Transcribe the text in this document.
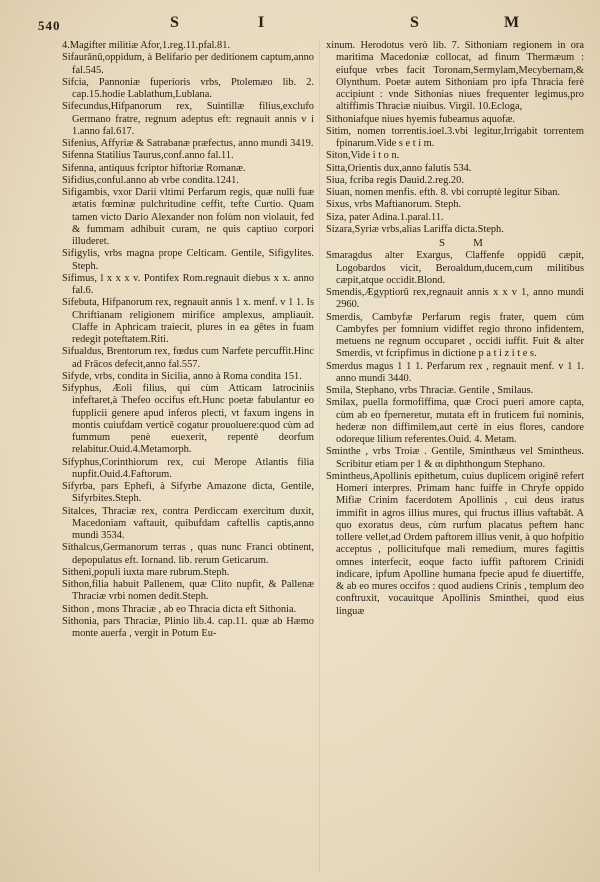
540	S	I	S	M

4.Magifter militiæ Afor,1.reg.11.pfal.81.

Sifaurānū,oppidum, à Belifario per deditionem captum,anno fal.545.

Sifcia, Pannoniæ fuperioris vrbs, Ptolemæo lib. 2. cap.15.hodie Lablathum,Lublana.

Sifecundus,Hifpanorum rex, Suintillæ filius,exclufo Germano fratre, regnum adeptus eft: regnauit annis v i 1.anno fal.617.

Sifenius, Affyriæ & Satrabanæ præfectus, anno mundi 3419.

Sifenna Statilius Taurus,conf.anno fal.11.

Sifenna, antiquus fcriptor hiftoriæ Romanæ.

Sifidius,conful.anno ab vrbe condita.1241.

Sifigambis, vxor Darii vltimi Perfarum regis, quæ nulli fuæ ætatis fœminæ pulchritudine ceffit, tefte Curtio. Quam tamen victo Dario Alexander non folùm non violauit, fed & fummam adhibuit curam, ne quis captiuo corpori illuderet.

Sifigylis, vrbs magna prope Celticam. Gentile, Sifigylites. Steph.

Sifimus, l x x x v. Pontifex Rom.regnauit diebus x x. anno fal.6.

Sifebuta, Hifpanorum rex, regnauit annis 1 x. menf. v 1 1. Is Chriftianam religionem mirifice amplexus, ampliauit. Claffe in Aphricam traiecit, plures in ea gētes in fuam redegit poteftatem.Riti.

Sifualdus, Brentorum rex, fœdus cum Narfete percuffit.Hinc ad Frācos defecit,anno fal.557.

Sifyde, vrbs, condita in Sicilia, anno à Roma condita 151.

Sifyphus, Æoli filius, qui cùm Atticam latrociniis infeftaret,à Thefeo occifus eft.Hunc poetæ fabulantur eo fupplicii genere apud inferos plecti, vt faxum ingens in montis cuiufdam verticē cogatur prouoluere:quod cùm ad fummum penè euexerit, repentè deorfum relabitur.Ouid.4.Metamorph.

Sifyphus,Corinthiorum rex, cui Merope Atlantis filia nupfit.Ouid.4.Faftorum.

Sifyrba, pars Ephefi, à Sifyrbe Amazone dicta, Gentile, Sifyrbites.Steph.

Sitalces, Thraciæ rex, contra Perdiccam exercitum duxit, Macedoniam vaftauit, quibufdam caftellis captis,anno mundi 3534.

Sithalcus,Germanorum terras , quas nunc Franci obtinent, depopulatus eft. Iornand. lib. rerum Geticarum.

Sitheni,populi iuxta mare rubrum.Steph.

Sithon,filia habuit Pallenem, quæ Clito nupfit, & Pallenæ Thraciæ vrbi nomen dedit.Steph.

Sithon , mons Thraciæ , ab eo Thracia dicta eft Sithonia.

Sithonia, pars Thraciæ, Plinio lib.4. cap.11. quæ ab Hæmo monte auerfa , vergit in Potum Eu-

xinum. Herodotus verò lib. 7. Sithoniam regionem in ora maritima Macedoniæ collocat, ad finum Thermæum : eiufque vrbes facit Toronam,Sermylam,Mecybernam,& Olynthum. Poetæ autem Sithoniam pro ipfa Thracia ferè accipiunt : vnde Sithonias niues frequenter legimus,pro altiffimis Thraciæ niuibus. Virgil. 10.Ecloga,

Sithoniafque niues hyemis fubeamus aquofæ.

Sitim, nomen torrentis.ioel.3.vbi legitur,Irrigabit torrentem fpinarum.Vide s e t i m.

Siton,Vide i t o n.

Sitta,Orientis dux,anno falutis 534.

Siua, fcriba regis Dauid.2.reg.20.

Siuan, nomen menfis. efth. 8. vbi corruptè legitur Siban.

Sixus, vrbs Maftianorum. Steph.

Siza, pater Adina.1.paral.11.

Sizara,Syriæ vrbs,alias Lariffa dicta.Steph.

SM

Smaragdus alter Exargus, Claffenfe oppidū cæpit, Logobardos vicit, Beroaldum,ducem,cum militibus cæpit,atque occidit.Blond.

Smendis,Ægyptiorū rex,regnauit annis x x v 1, anno mundi 2960.

Smerdis, Cambyfæ Perfarum regis frater, quem cùm Cambyfes per fomnium vidiffet regio throno infidentem, metuens ne regnum occuparet , occidi iuffit. Fuit & alter Smerdis, vt fcripfimus in dictione p a t i z i t e s.

Smerdus magus 1 1 1. Perfarum rex , regnauit menf. v 1 1. anno mundi 3440.

Smila, Stephano, vrbs Thraciæ. Gentile , Smilaus.

Smilax, puella formofiffima, quæ Croci pueri amore capta, cùm ab eo fperneretur, mutata eft in fruticem fui nominis, hederæ non diffimilem,aut certè in eius flores, candore odoreque lilium referentes.Ouid. 4. Metam.

Sminthe , vrbs Troiæ . Gentile, Sminthæus vel Smintheus. Scribitur etiam per 1 & αι diphthongum Stephano.

Smintheus,Apollinis epithetum, cuius duplicem originē refert Homeri interpres. Primam hanc fuiffe in Chryfe oppido Mifiæ Crinim facerdotem Apollinis , cui deus iratus immifit in agros illius mures, qui fructus illius vaftabāt. A quo exoratus deus, cùm rurfum placatus peftem hanc tollere vellet,ad Ordem paftorem illius venit, à quo hofpitio acceptus , pollicitufque mali remedium, mures fagittis omnes interfecit, eoque facto iuffit paftorem Crinidi indicare, ipfum Apolline humana fpecie apud fe diuertiffe, & ab eo mures occifos : quod audiens Crinis , templum deo conftruxit, vocauitque Apollinis Sminthei, quod eius linguæ
